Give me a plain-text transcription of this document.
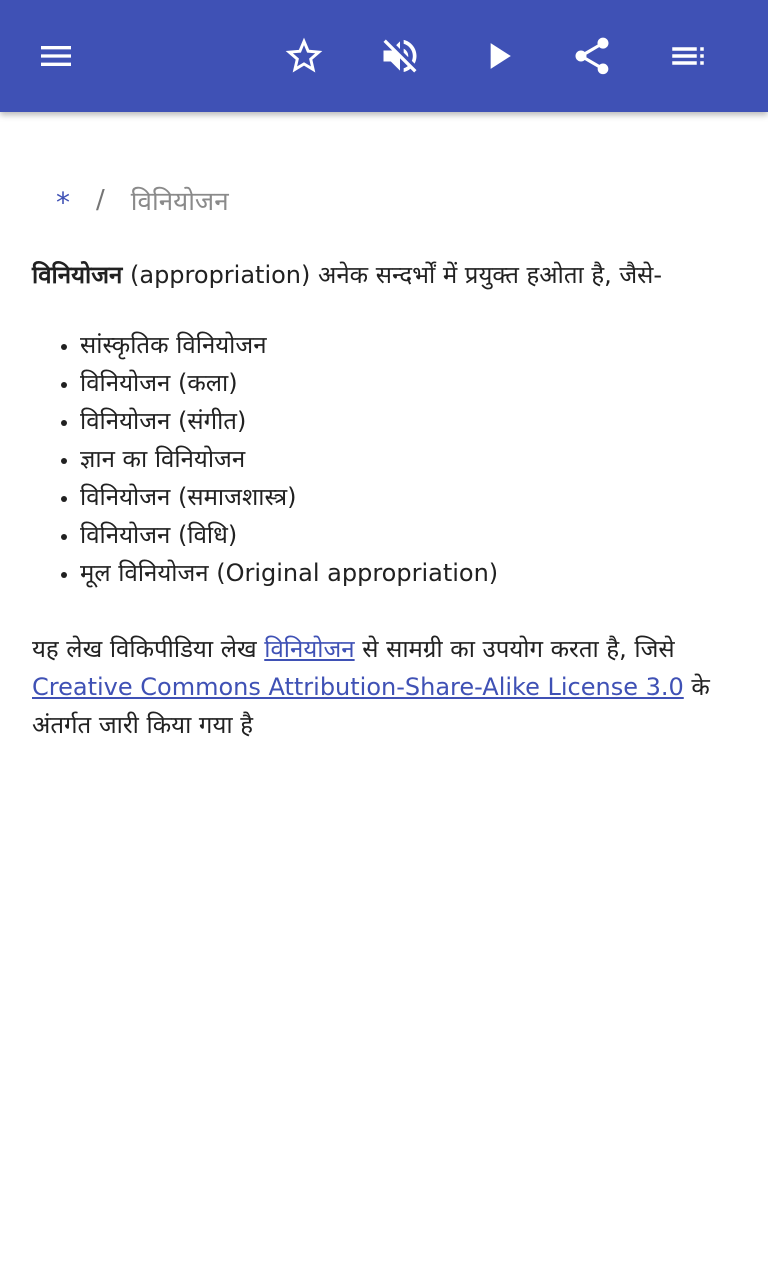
* / विनियोजन
विनियोजन (appropriation) अनेक सन्दर्भों में प्रयुक्त हओता है, जैसे-
• सांस्कृतिक विनियोजन
• विनियोजन (कला)
• विनियोजन (संगीत)
• ज्ञान का विनियोजन
• विनियोजन (समाजशास्त्र)
• विनियोजन (विधि)
• मूल विनियोजन (Original appropriation)
यह लेख विकिपीडिया लेख विनियोजन से सामग्री का उपयोग करता है, जिसे
Creative Commons Attribution-Share-Alike License 3.0 के
अंतर्गत जारी किया गया है
